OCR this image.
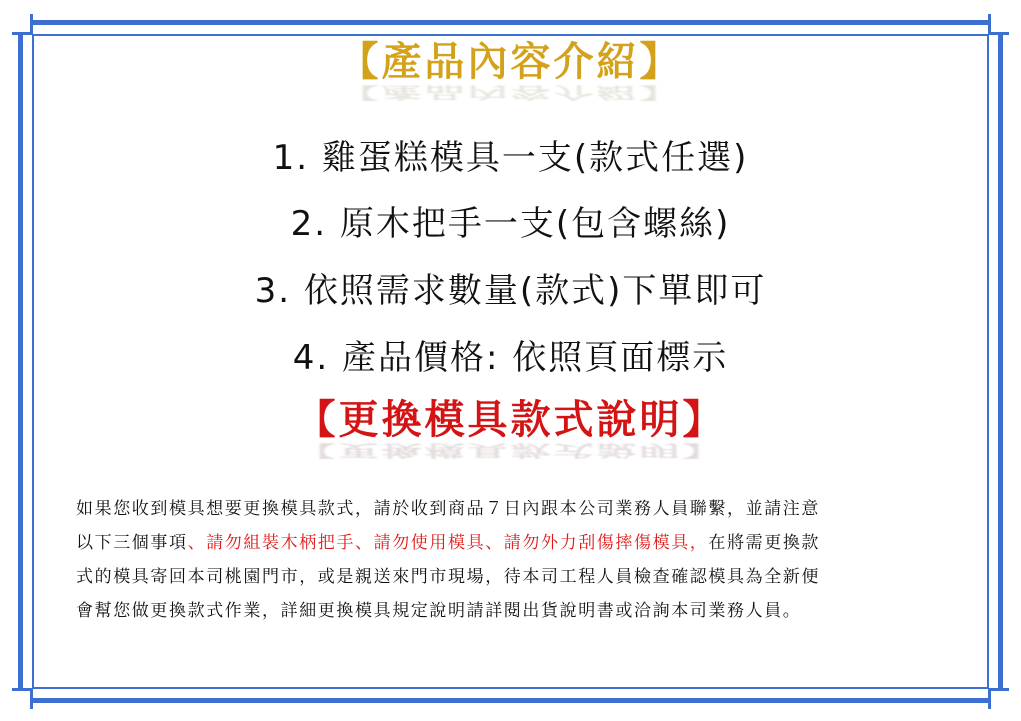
【產品內容介紹】
【產品內容介紹】
1. 雞蛋糕模具一支(款式任選)
2. 原木把手一支(包含螺絲)
3. 依照需求數量(款式)下單即可
4. 產品價格: 依照頁面標示
【更換模具款式說明】
【更換模具款式說明】
如果您收到模具想要更換模具款式，請於收到商品７日內跟本公司業務人員聯繫，並請注意
以下三個事項、請勿組裝木柄把手、請勿使用模具、請勿外力刮傷摔傷模具，在將需更換款
式的模具寄回本司桃園門市，或是親送來門市現場，待本司工程人員檢查確認模具為全新便
會幫您做更換款式作業，詳細更換模具規定說明請詳閱出貨說明書或洽詢本司業務人員。
